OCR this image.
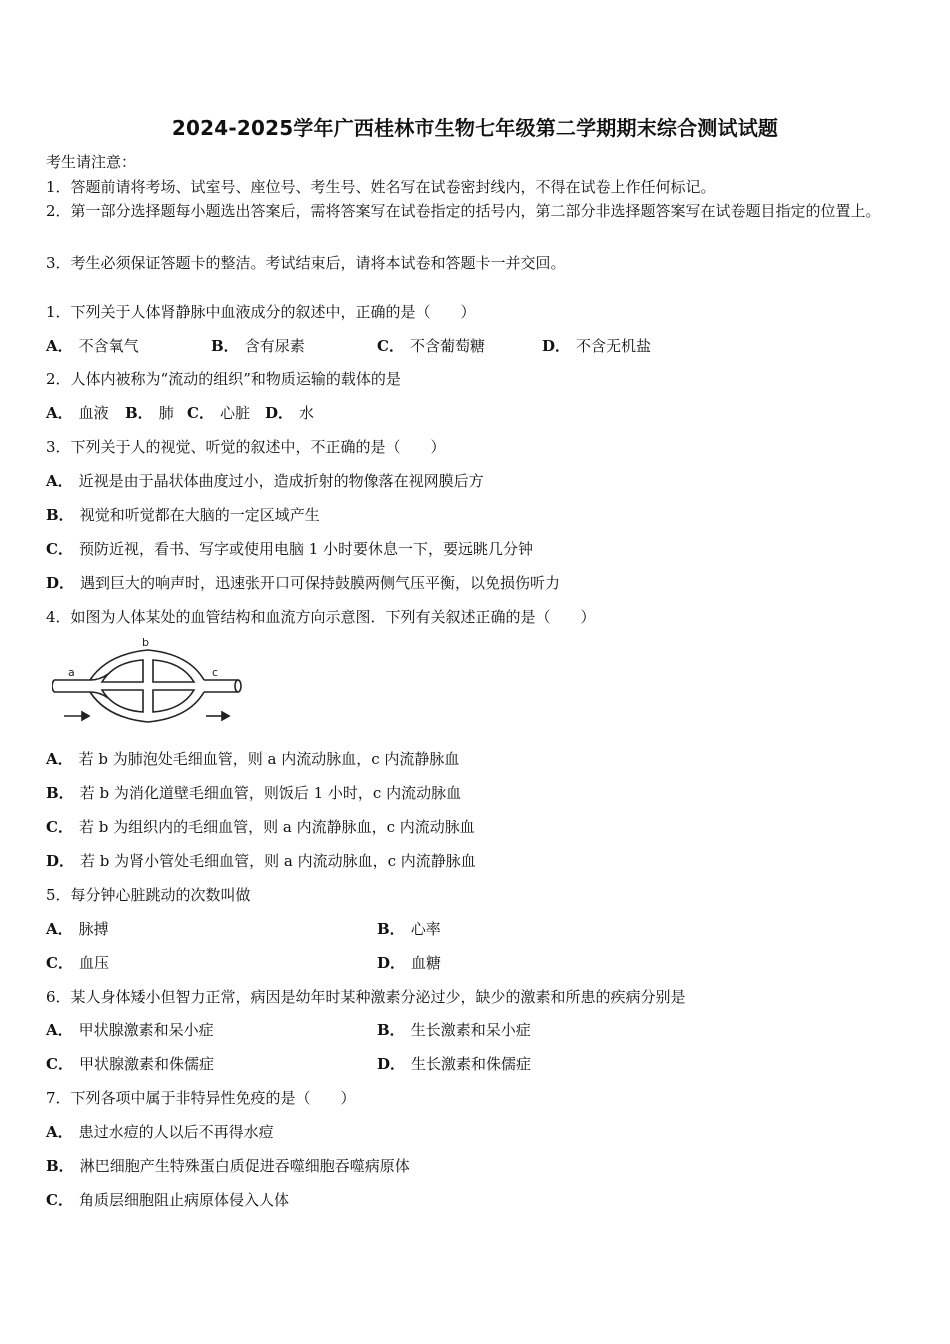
2024-2025学年广西桂林市生物七年级第二学期期末综合测试试题
考生请注意：
1．答题前请将考场、试室号、座位号、考生号、姓名写在试卷密封线内，不得在试卷上作任何标记。
2．第一部分选择题每小题选出答案后，需将答案写在试卷指定的括号内，第二部分非选择题答案写在试卷题目指定的位置上。
3．考生必须保证答题卡的整洁。考试结束后，请将本试卷和答题卡一并交回。
1．下列关于人体肾静脉中血液成分的叙述中，正确的是（　　）
A． 不含氧气	B． 含有尿素	C． 不含葡萄糖	D． 不含无机盐
2．人体内被称为“流动的组织”和物质运输的载体的是
A． 血液 B． 肺 C． 心脏 D． 水
3．下列关于人的视觉、听觉的叙述中，不正确的是（　　）
A． 近视是由于晶状体曲度过小，造成折射的物像落在视网膜后方
B． 视觉和听觉都在大脑的一定区域产生
C． 预防近视，看书、写字或使用电脑 1 小时要休息一下，要远眺几分钟
D． 遇到巨大的响声时，迅速张开口可保持鼓膜两侧气压平衡，以免损伤听力
4．如图为人体某处的血管结构和血流方向示意图．下列有关叙述正确的是（　　）
a
b
c
A． 若 b 为肺泡处毛细血管，则 a 内流动脉血，c 内流静脉血
B． 若 b 为消化道壁毛细血管，则饭后 1 小时，c 内流动脉血
C． 若 b 为组织内的毛细血管，则 a 内流静脉血，c 内流动脉血
D． 若 b 为肾小管处毛细血管，则 a 内流动脉血，c 内流静脉血
5．每分钟心脏跳动的次数叫做
A． 脉搏	B． 心率
C． 血压	D． 血糖
6．某人身体矮小但智力正常，病因是幼年时某种激素分泌过少，缺少的激素和所患的疾病分别是
A． 甲状腺激素和呆小症	B． 生长激素和呆小症
C． 甲状腺激素和侏儒症	D． 生长激素和侏儒症
7．下列各项中属于非特异性免疫的是（　　）
A． 患过水痘的人以后不再得水痘
B． 淋巴细胞产生特殊蛋白质促进吞噬细胞吞噬病原体
C． 角质层细胞阻止病原体侵入人体
